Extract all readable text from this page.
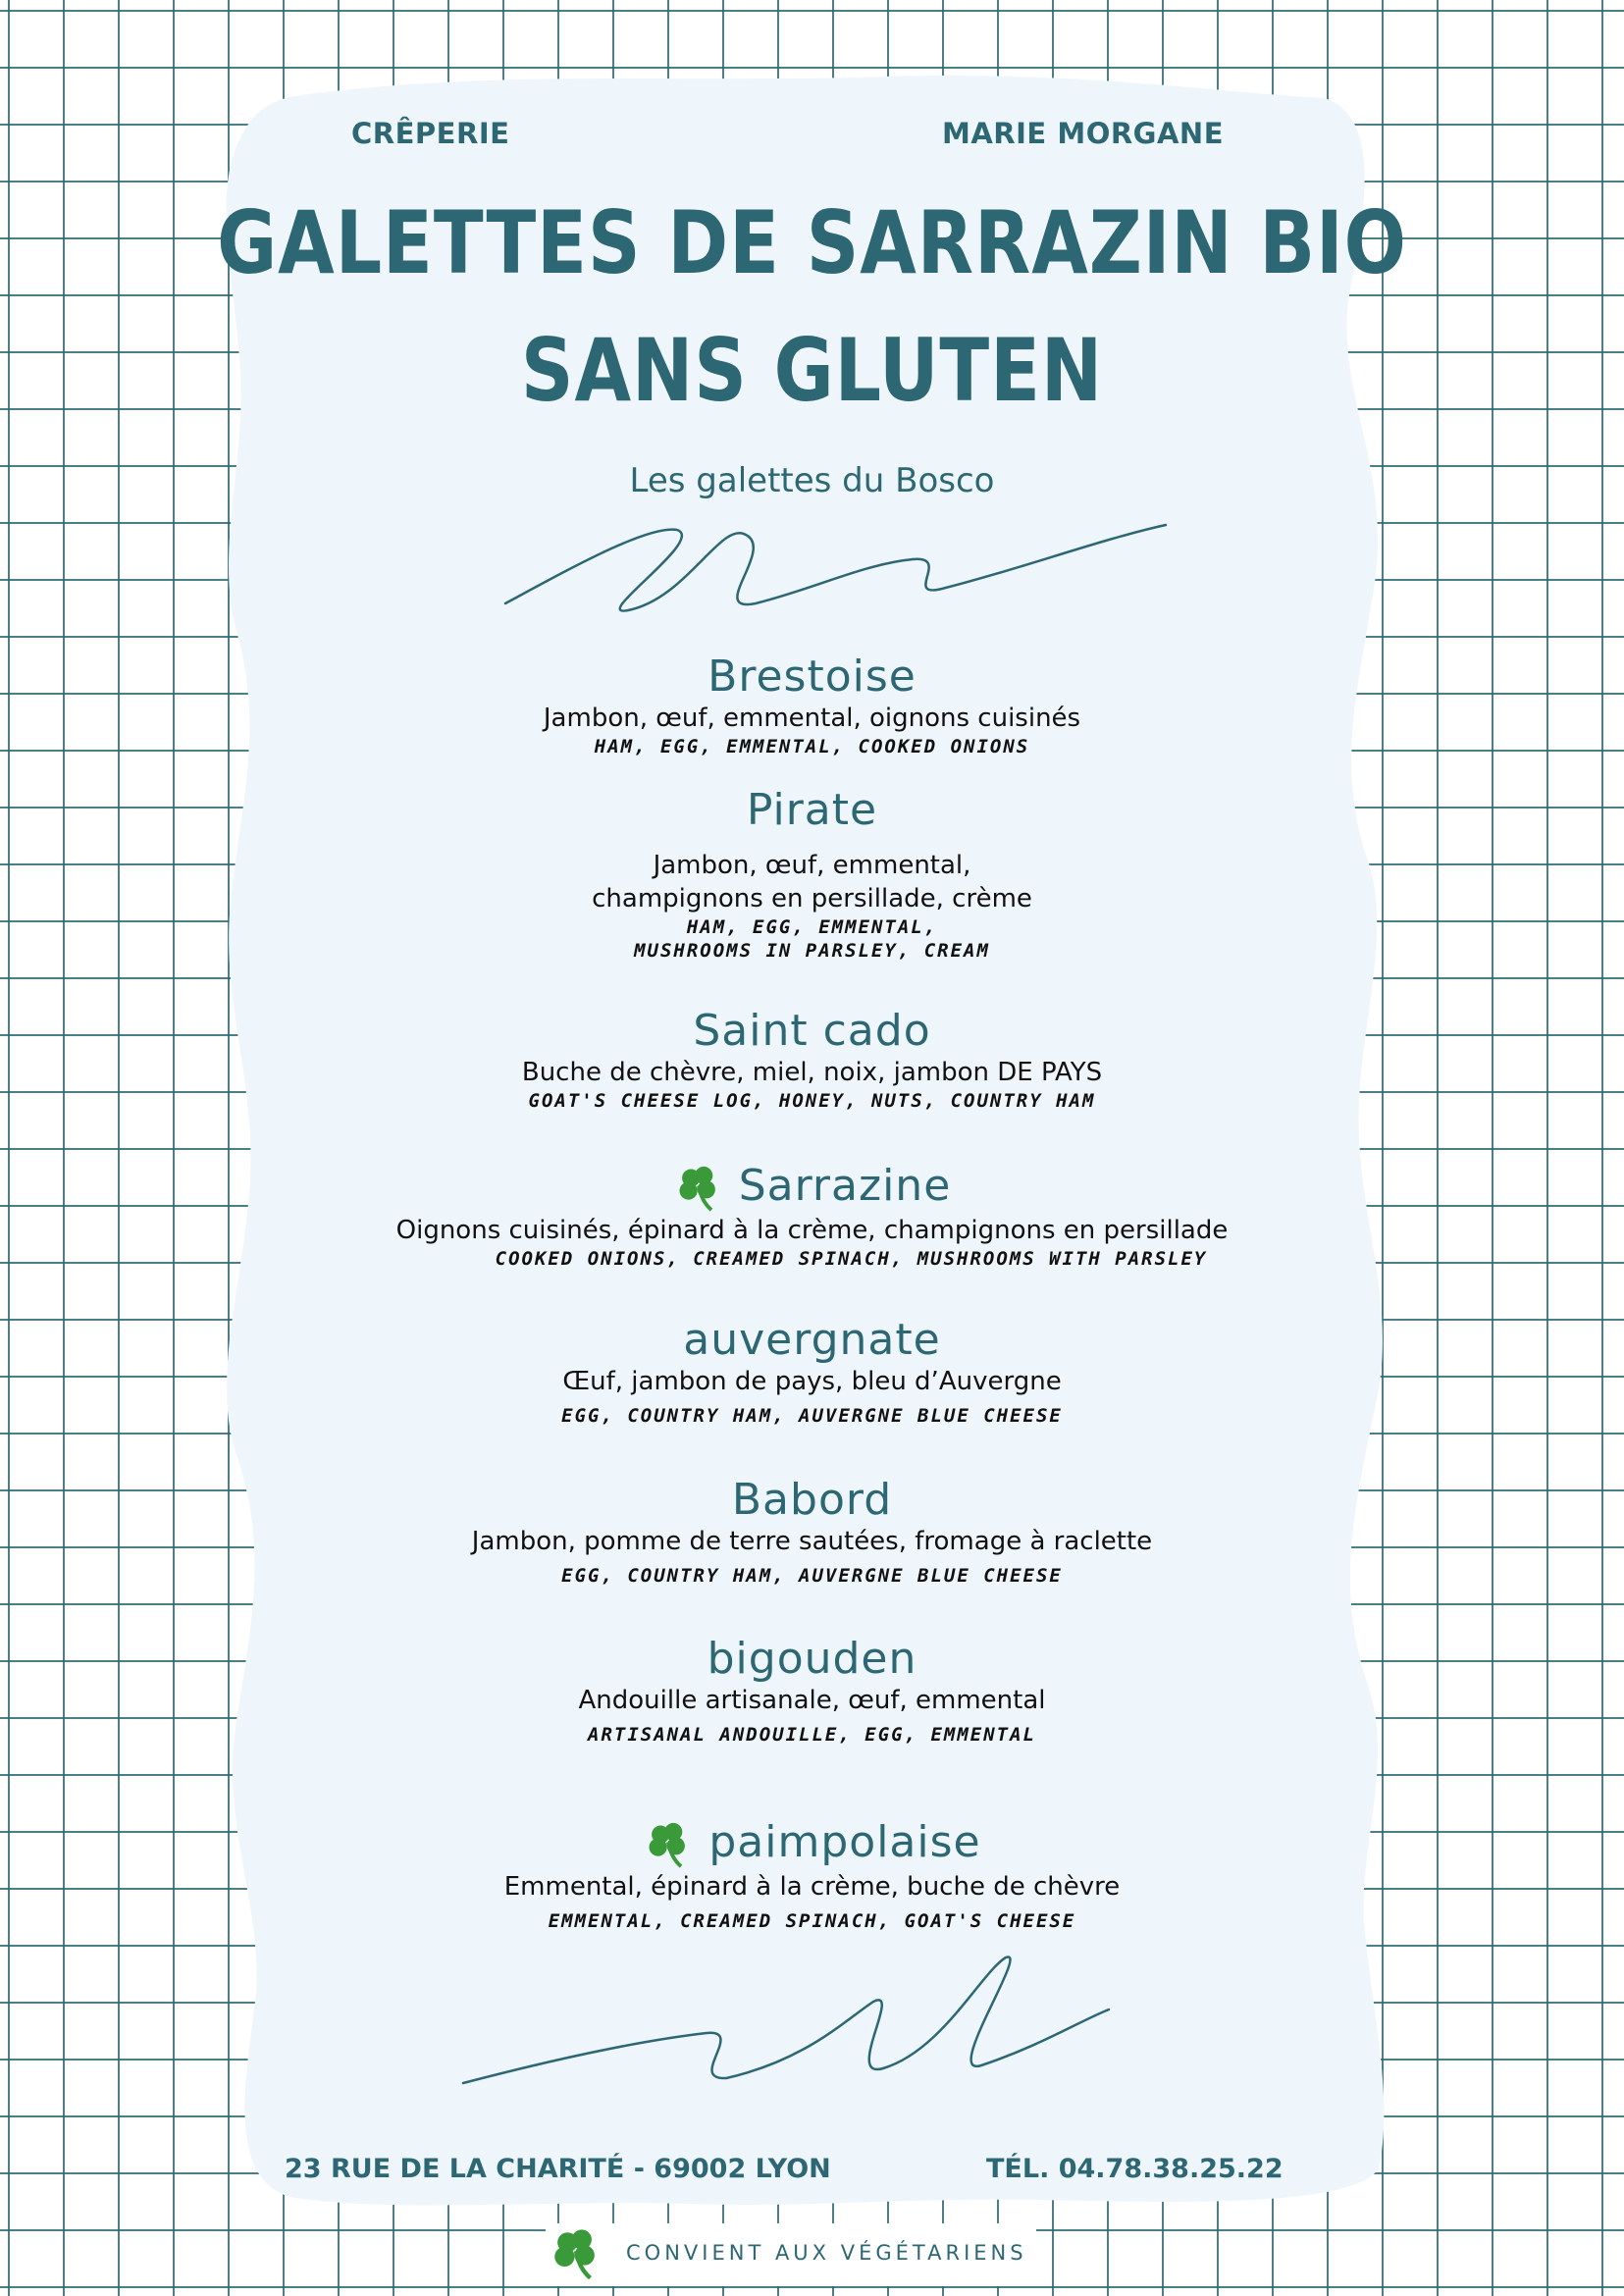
CRÊPERIE	MARIE MORGANE
GALETTES DE SARRAZIN BIO
SANS GLUTEN
Les galettes du Bosco
Brestoise
Jambon, œuf, emmental, oignons cuisinés
HAM, EGG, EMMENTAL, COOKED ONIONS
Pirate
Jambon, œuf, emmental,
champignons en persillade, crème
HAM, EGG, EMMENTAL,
MUSHROOMS IN PARSLEY, CREAM
Saint cado
Buche de chèvre, miel, noix, jambon DE PAYS
GOAT'S CHEESE LOG, HONEY, NUTS, COUNTRY HAM
Sarrazine
Oignons cuisinés, épinard à la crème, champignons en persillade
COOKED ONIONS, CREAMED SPINACH, MUSHROOMS WITH PARSLEY
auvergnate
Œuf, jambon de pays, bleu d’Auvergne
EGG, COUNTRY HAM, AUVERGNE BLUE CHEESE
Babord
Jambon, pomme de terre sautées, fromage à raclette
EGG, COUNTRY HAM, AUVERGNE BLUE CHEESE
bigouden
Andouille artisanale, œuf, emmental
ARTISANAL ANDOUILLE, EGG, EMMENTAL
paimpolaise
Emmental, épinard à la crème, buche de chèvre
EMMENTAL, CREAMED SPINACH, GOAT'S CHEESE
23 RUE DE LA CHARITÉ - 69002 LYON	TÉL. 04.78.38.25.22
CONVIENT AUX VÉGÉTARIENS
